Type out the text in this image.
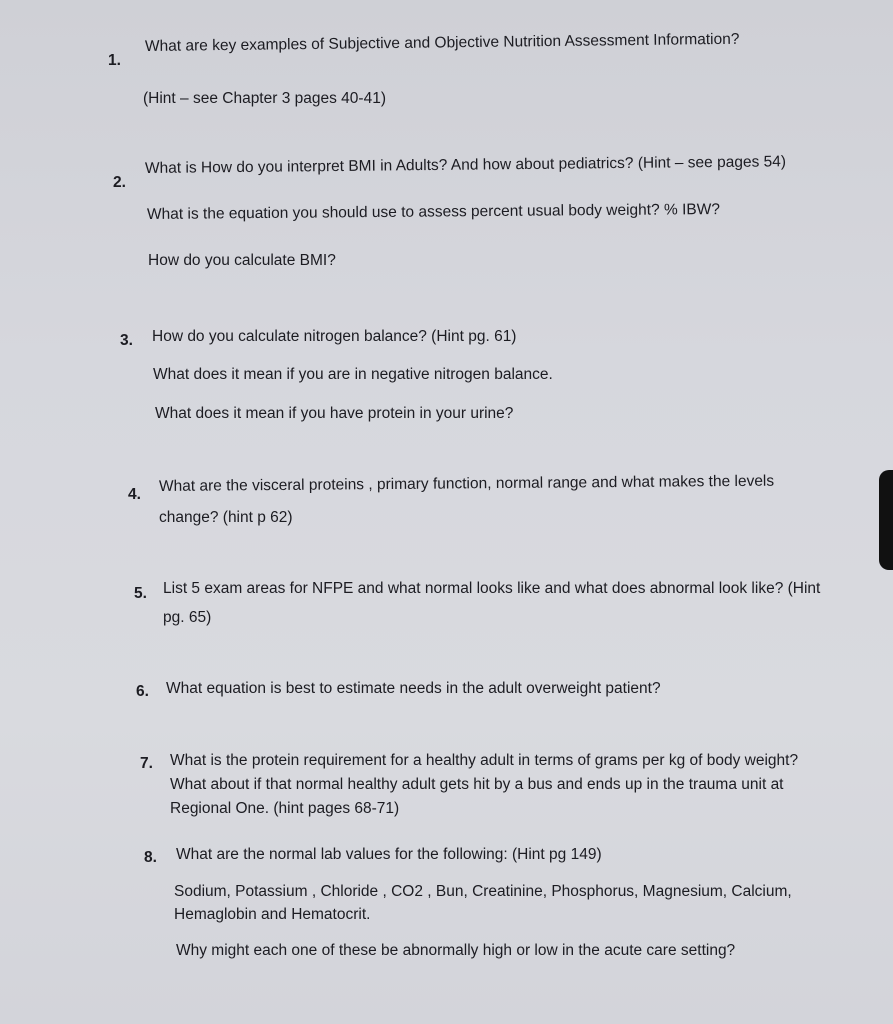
1.
What are key examples of Subjective and Objective Nutrition Assessment Information?
(Hint – see Chapter 3 pages 40-41)
2.
What is How do you interpret BMI in Adults? And how about pediatrics? (Hint – see pages 54)
What is the equation you should use to assess percent usual body weight? % IBW?
How do you calculate BMI?
3. How do you calculate nitrogen balance? (Hint pg. 61)
What does it mean if you are in negative nitrogen balance.
What does it mean if you have protein in your urine?
4. What are the visceral proteins , primary function, normal range and what makes the levels
change? (hint p 62)
5. List 5 exam areas for NFPE and what normal looks like and what does abnormal look like? (Hint
pg. 65)
6. What equation is best to estimate needs in the adult overweight patient?
7. What is the protein requirement for a healthy adult in terms of grams per kg of body weight?
What about if that normal healthy adult gets hit by a bus and ends up in the trauma unit at
Regional One. (hint pages 68-71)
8. What are the normal lab values for the following: (Hint pg 149)
Sodium, Potassium , Chloride , CO2 , Bun, Creatinine, Phosphorus, Magnesium, Calcium,
Hemaglobin and Hematocrit.
Why might each one of these be abnormally high or low in the acute care setting?
